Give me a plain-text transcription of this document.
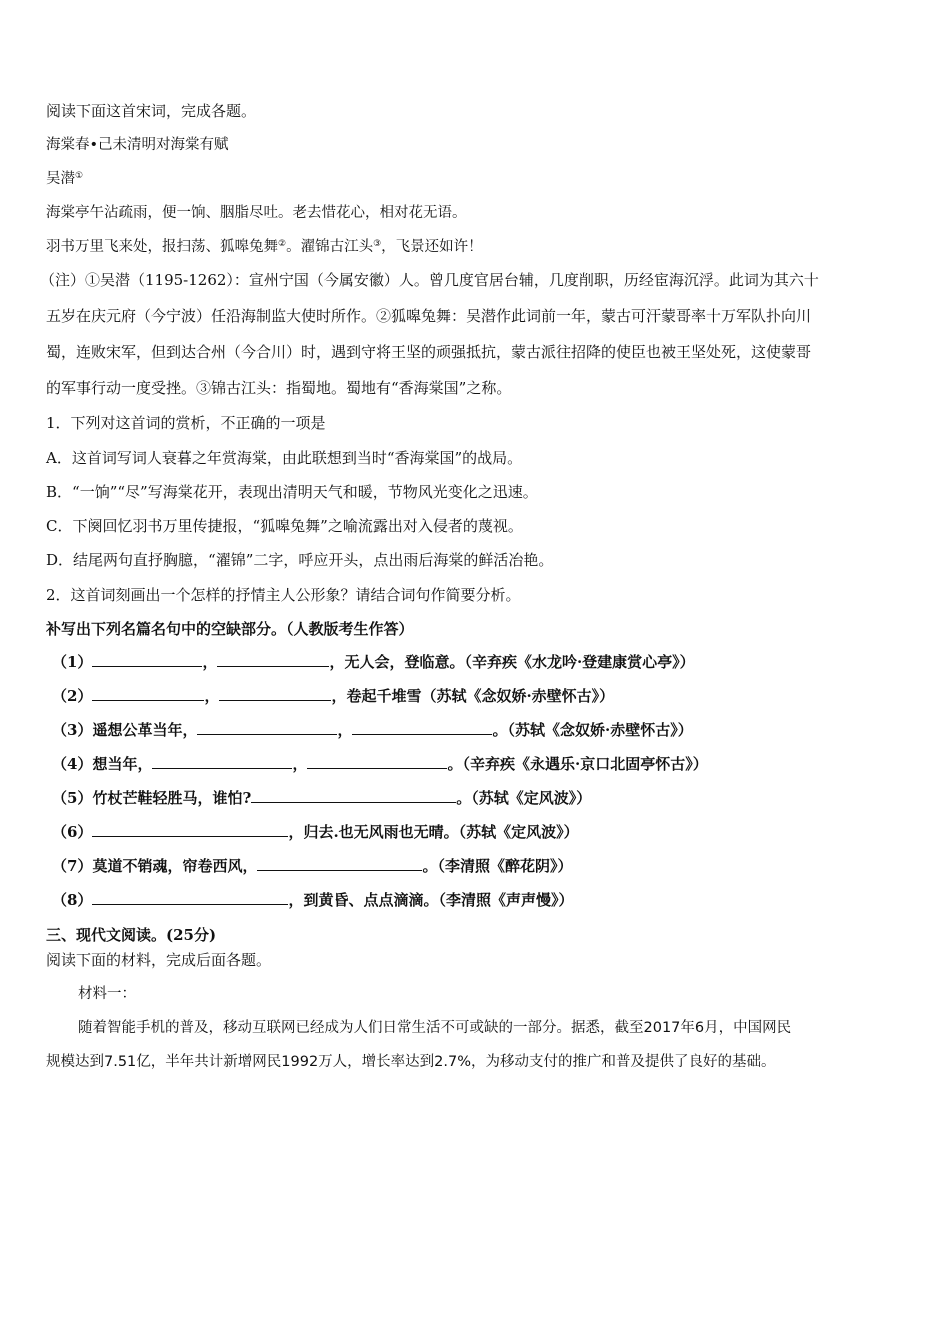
阅读下面这首宋词，完成各题。
海棠春•己未清明对海棠有赋
吴潜①
海棠亭午沾疏雨，便一饷、胭脂尽吐。老去惜花心，相对花无语。
羽书万里飞来处，报扫荡、狐嗥兔舞②。濯锦古江头③，飞景还如许！
（注）①吴潜（1195-1262）：宣州宁国（今属安徽）人。曾几度官居台辅，几度削职，历经宦海沉浮。此词为其六十
五岁在庆元府（今宁波）任沿海制监大使时所作。②狐嗥兔舞：吴潜作此词前一年，蒙古可汗蒙哥率十万军队扑向川
蜀，连败宋军，但到达合州（今合川）时，遇到守将王坚的顽强抵抗，蒙古派往招降的使臣也被王坚处死，这使蒙哥
的军事行动一度受挫。③锦古江头：指蜀地。蜀地有“香海棠国”之称。
1．下列对这首词的赏析，不正确的一项是
A．这首词写词人衰暮之年赏海棠，由此联想到当时“香海棠国”的战局。
B．“一饷”“尽”写海棠花开，表现出清明天气和暖，节物风光变化之迅速。
C．下阕回忆羽书万里传捷报，“狐嗥兔舞”之喻流露出对入侵者的蔑视。
D．结尾两句直抒胸臆，“濯锦”二字，呼应开头，点出雨后海棠的鲜活冶艳。
2．这首词刻画出一个怎样的抒情主人公形象？请结合词句作简要分析。
补写出下列名篇名句中的空缺部分。（人教版考生作答）
（1）	，	，无人会，登临意。（辛弃疾《水龙吟·登建康赏心亭》）
（2）	，	，卷起千堆雪（苏轼《念奴娇·赤壁怀古》）
（3）遥想公革当年，	，	。（苏轼《念奴娇·赤壁怀古》）
（4）想当年，	，	。（辛弃疾《永遇乐·京口北固亭怀古》）
（5）竹杖芒鞋轻胜马，谁怕?	。（苏轼《定风波》）
（6）	，归去.也无风雨也无晴。（苏轼《定风波》）
（7）莫道不销魂，帘卷西风，	。（李清照《醉花阴》）
（8）	，到黄昏、点点滴滴。（李清照《声声慢》）
三、现代文阅读。(25分)
阅读下面的材料，完成后面各题。
材料一：
随着智能手机的普及，移动互联网已经成为人们日常生活不可或缺的一部分。据悉，截至2017年6月，中国网民
规模达到7.51亿，半年共计新增网民1992万人，增长率达到2.7%，为移动支付的推广和普及提供了良好的基础。
